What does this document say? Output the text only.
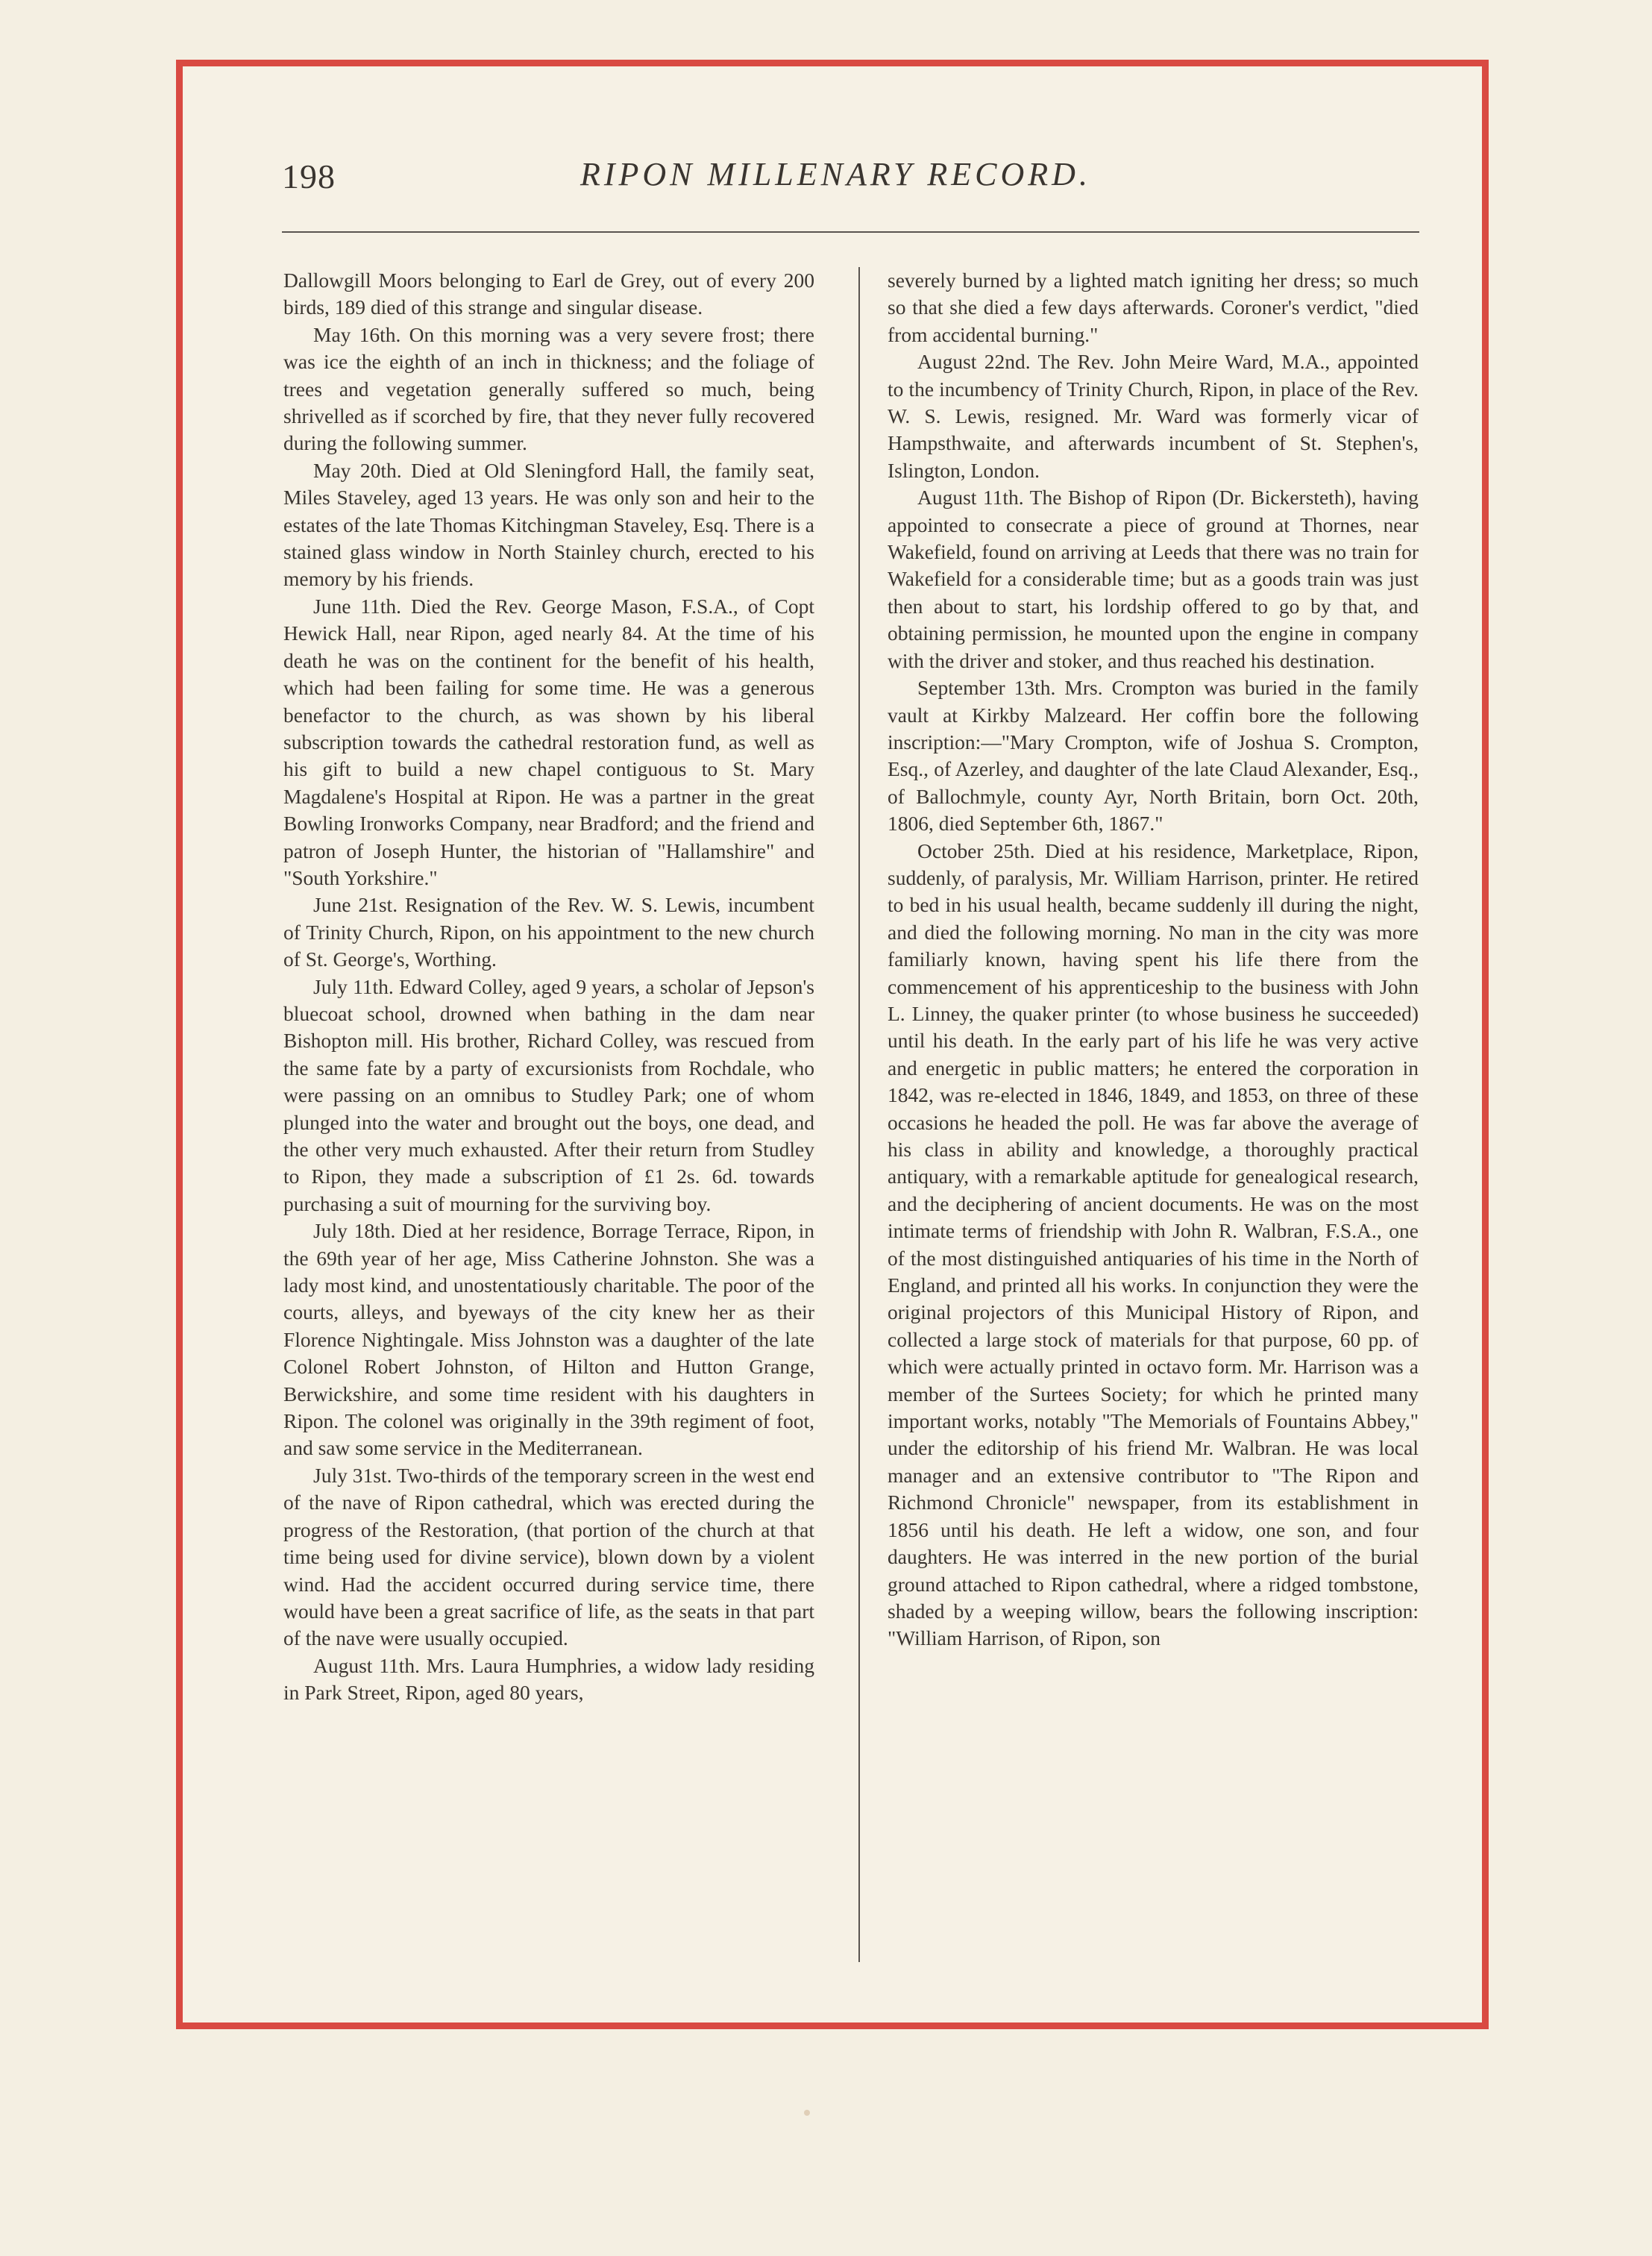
198	RIPON MILLENARY RECORD.

Dallowgill Moors belonging to Earl de Grey, out of every 200 birds, 189 died of this strange and singular disease.

May 16th. On this morning was a very severe frost; there was ice the eighth of an inch in thickness; and the foliage of trees and vegetation generally suffered so much, being shrivelled as if scorched by fire, that they never fully recovered during the following summer.

May 20th. Died at Old Sleningford Hall, the family seat, Miles Staveley, aged 13 years. He was only son and heir to the estates of the late Thomas Kitchingman Staveley, Esq. There is a stained glass window in North Stainley church, erected to his memory by his friends.

June 11th. Died the Rev. George Mason, F.S.A., of Copt Hewick Hall, near Ripon, aged nearly 84. At the time of his death he was on the continent for the benefit of his health, which had been failing for some time. He was a generous benefactor to the church, as was shown by his liberal subscription towards the cathedral restoration fund, as well as his gift to build a new chapel contiguous to St. Mary Magdalene's Hospital at Ripon. He was a partner in the great Bowling Ironworks Company, near Bradford; and the friend and patron of Joseph Hunter, the historian of "Hallamshire" and "South Yorkshire."

June 21st. Resignation of the Rev. W. S. Lewis, incumbent of Trinity Church, Ripon, on his appointment to the new church of St. George's, Worthing.

July 11th. Edward Colley, aged 9 years, a scholar of Jepson's bluecoat school, drowned when bathing in the dam near Bishopton mill. His brother, Richard Colley, was rescued from the same fate by a party of excursionists from Rochdale, who were passing on an omnibus to Studley Park; one of whom plunged into the water and brought out the boys, one dead, and the other very much exhausted. After their return from Studley to Ripon, they made a subscription of £1 2s. 6d. towards purchasing a suit of mourning for the surviving boy.

July 18th. Died at her residence, Borrage Terrace, Ripon, in the 69th year of her age, Miss Catherine Johnston. She was a lady most kind, and unostentatiously charitable. The poor of the courts, alleys, and byeways of the city knew her as their Florence Nightingale. Miss Johnston was a daughter of the late Colonel Robert Johnston, of Hilton and Hutton Grange, Berwickshire, and some time resident with his daughters in Ripon. The colonel was originally in the 39th regiment of foot, and saw some service in the Mediterranean.

July 31st. Two-thirds of the temporary screen in the west end of the nave of Ripon cathedral, which was erected during the progress of the Restoration, (that portion of the church at that time being used for divine service), blown down by a violent wind. Had the accident occurred during service time, there would have been a great sacrifice of life, as the seats in that part of the nave were usually occupied.

August 11th. Mrs. Laura Humphries, a widow lady residing in Park Street, Ripon, aged 80 years,

severely burned by a lighted match igniting her dress; so much so that she died a few days afterwards. Coroner's verdict, "died from accidental burning."

August 22nd. The Rev. John Meire Ward, M.A., appointed to the incumbency of Trinity Church, Ripon, in place of the Rev. W. S. Lewis, resigned. Mr. Ward was formerly vicar of Hampsthwaite, and afterwards incumbent of St. Stephen's, Islington, London.

August 11th. The Bishop of Ripon (Dr. Bickersteth), having appointed to consecrate a piece of ground at Thornes, near Wakefield, found on arriving at Leeds that there was no train for Wakefield for a considerable time; but as a goods train was just then about to start, his lordship offered to go by that, and obtaining permission, he mounted upon the engine in company with the driver and stoker, and thus reached his destination.

September 13th. Mrs. Crompton was buried in the family vault at Kirkby Malzeard. Her coffin bore the following inscription:—"Mary Crompton, wife of Joshua S. Crompton, Esq., of Azerley, and daughter of the late Claud Alexander, Esq., of Ballochmyle, county Ayr, North Britain, born Oct. 20th, 1806, died September 6th, 1867."

October 25th. Died at his residence, Marketplace, Ripon, suddenly, of paralysis, Mr. William Harrison, printer. He retired to bed in his usual health, became suddenly ill during the night, and died the following morning. No man in the city was more familiarly known, having spent his life there from the commencement of his apprenticeship to the business with John L. Linney, the quaker printer (to whose business he succeeded) until his death. In the early part of his life he was very active and energetic in public matters; he entered the corporation in 1842, was re-elected in 1846, 1849, and 1853, on three of these occasions he headed the poll. He was far above the average of his class in ability and knowledge, a thoroughly practical antiquary, with a remarkable aptitude for genealogical research, and the deciphering of ancient documents. He was on the most intimate terms of friendship with John R. Walbran, F.S.A., one of the most distinguished antiquaries of his time in the North of England, and printed all his works. In conjunction they were the original projectors of this Municipal History of Ripon, and collected a large stock of materials for that purpose, 60 pp. of which were actually printed in octavo form. Mr. Harrison was a member of the Surtees Society; for which he printed many important works, notably "The Memorials of Fountains Abbey," under the editorship of his friend Mr. Walbran. He was local manager and an extensive contributor to "The Ripon and Richmond Chronicle" newspaper, from its establishment in 1856 until his death. He left a widow, one son, and four daughters. He was interred in the new portion of the burial ground attached to Ripon cathedral, where a ridged tombstone, shaded by a weeping willow, bears the following inscription: "William Harrison, of Ripon, son
